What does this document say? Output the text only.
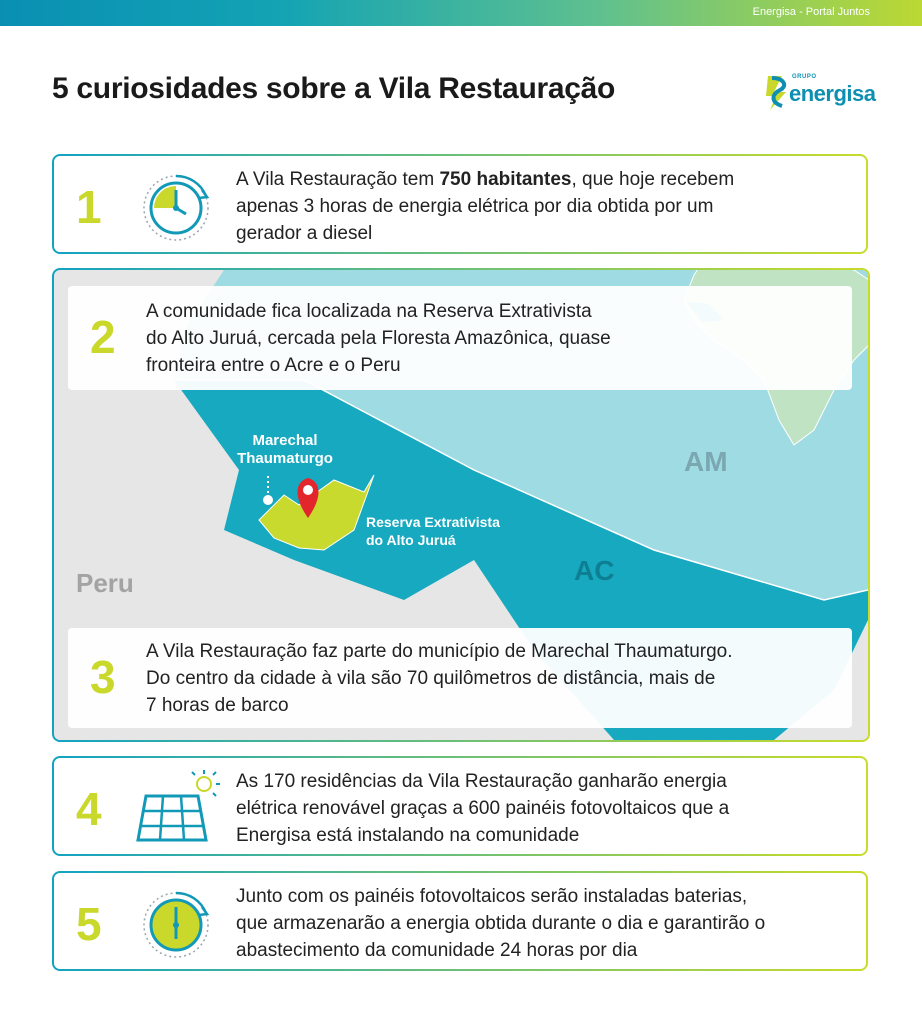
Energisa - Portal Juntos
5 curiosidades sobre a Vila Restauração	GRUPO
energisa
1
A Vila Restauração tem 750 habitantes, que hoje recebem
apenas 3 horas de energia elétrica por dia obtida por um
gerador a diesel
2 A comunidade fica localizada na Reserva Extrativista
do Alto Juruá, cercada pela Floresta Amazônica, quase
fronteira entre o Acre e o Peru
Marechal
Thaumaturgo
Reserva Extrativista
do Alto Juruá
AM
AC
Peru
3 A Vila Restauração faz parte do município de Marechal Thaumaturgo.
Do centro da cidade à vila são 70 quilômetros de distância, mais de
7 horas de barco
4
As 170 residências da Vila Restauração ganharão energia
elétrica renovável graças a 600 painéis fotovoltaicos que a
Energisa está instalando na comunidade
5
Junto com os painéis fotovoltaicos serão instaladas baterias,
que armazenarão a energia obtida durante o dia e garantirão o
abastecimento da comunidade 24 horas por dia
